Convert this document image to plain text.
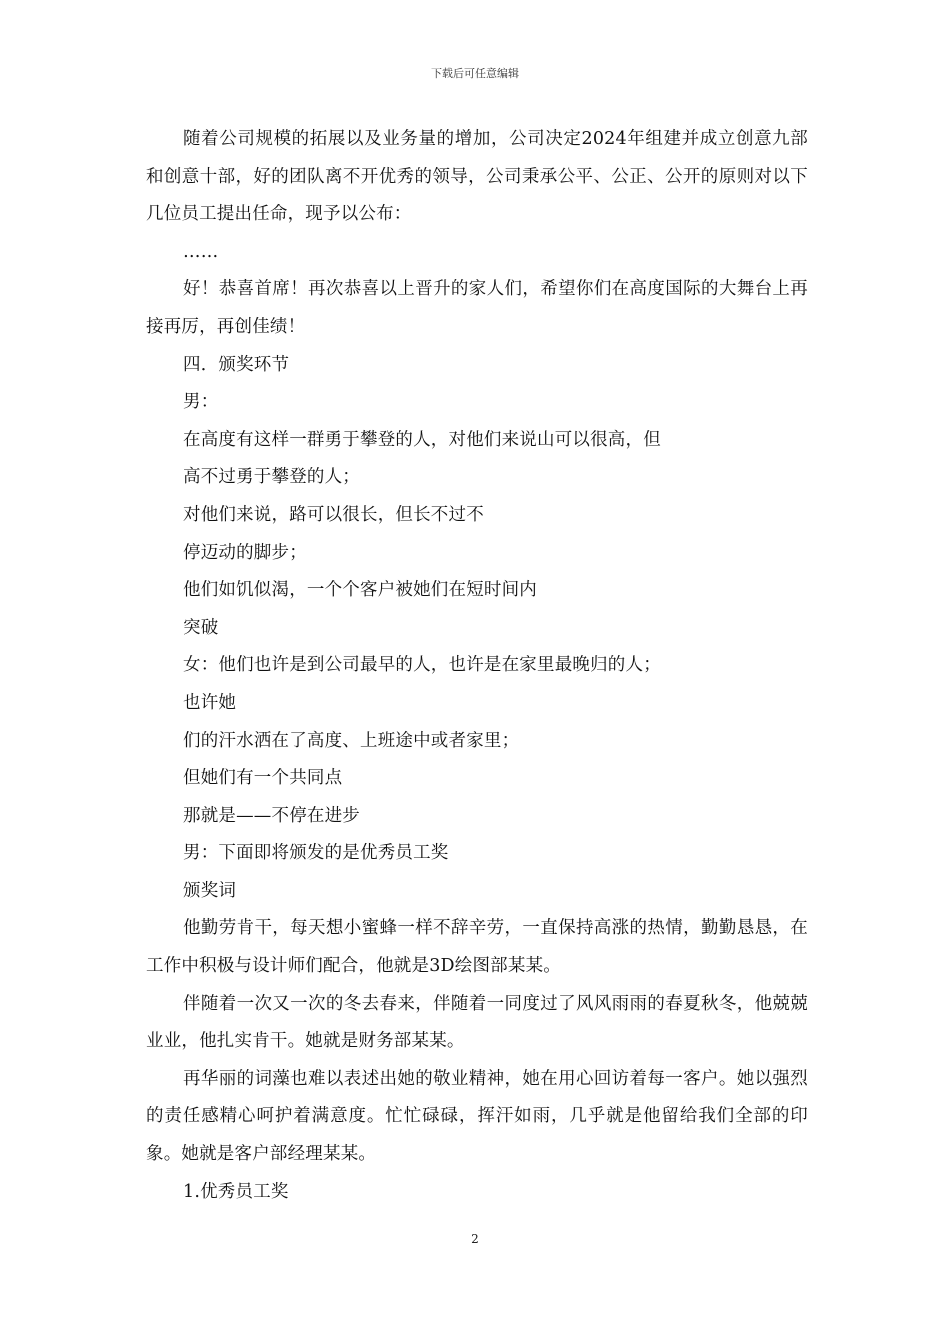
下载后可任意编辑

随着公司规模的拓展以及业务量的增加，公司决定2024年组建并成立创意九部和创意十部，好的团队离不开优秀的领导，公司秉承公平、公正、公开的原则对以下几位员工提出任命，现予以公布：

……

好！恭喜首席！再次恭喜以上晋升的家人们，希望你们在高度国际的大舞台上再接再厉，再创佳绩！

四．颁奖环节

男：

在高度有这样一群勇于攀登的人，对他们来说山可以很高，但

高不过勇于攀登的人；

对他们来说，路可以很长，但长不过不

停迈动的脚步；

他们如饥似渴，一个个客户被她们在短时间内

突破

女：他们也许是到公司最早的人，也许是在家里最晚归的人；

也许她

们的汗水洒在了高度、上班途中或者家里；

但她们有一个共同点

那就是——不停在进步

男：下面即将颁发的是优秀员工奖

颁奖词

他勤劳肯干，每天想小蜜蜂一样不辞辛劳，一直保持高涨的热情，勤勤恳恳，在工作中积极与设计师们配合，他就是3D绘图部某某。

伴随着一次又一次的冬去春来，伴随着一同度过了风风雨雨的春夏秋冬，他兢兢业业，他扎实肯干。她就是财务部某某。

再华丽的词藻也难以表述出她的敬业精神，她在用心回访着每一客户。她以强烈的责任感精心呵护着满意度。忙忙碌碌，挥汗如雨，几乎就是他留给我们全部的印象。她就是客户部经理某某。

1.优秀员工奖

2
